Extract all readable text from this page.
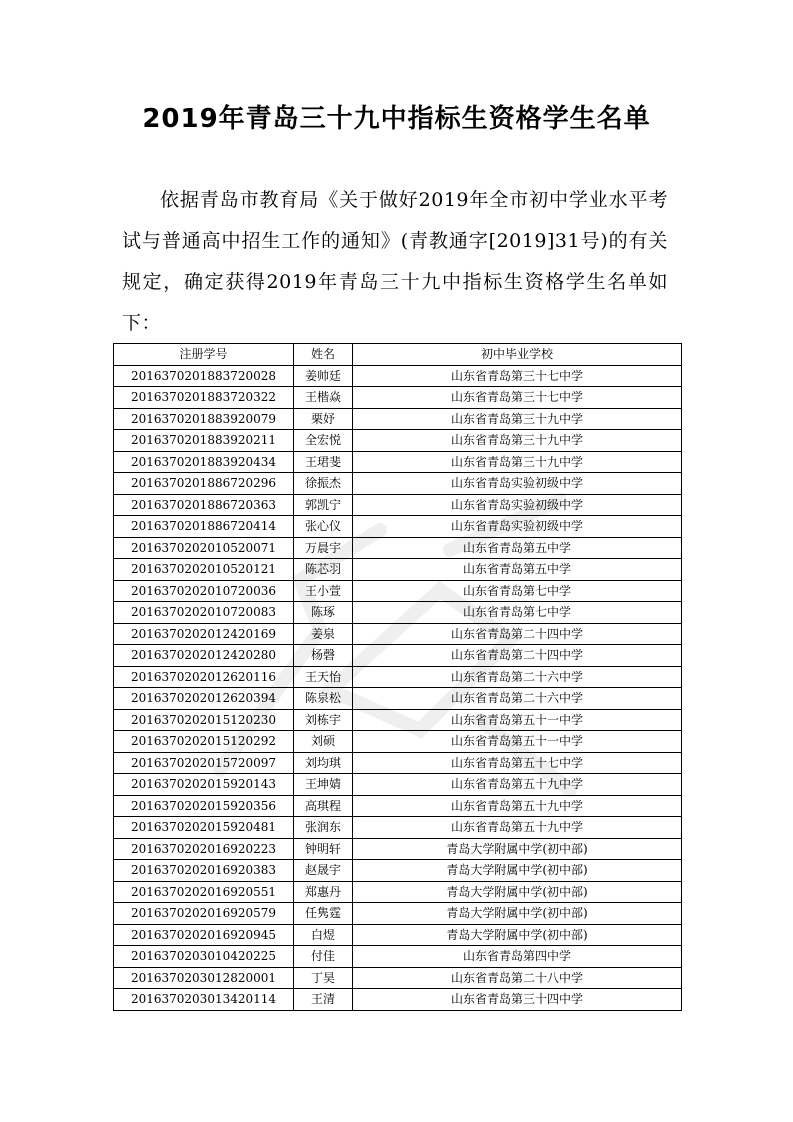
2019年青岛三十九中指标生资格学生名单

依据青岛市教育局《关于做好2019年全市初中学业水平考试与普通高中招生工作的通知》(青教通字[2019]31号)的有关规定，确定获得2019年青岛三十九中指标生资格学生名单如下：

注册学号	姓名	初中毕业学校
2016370201883720028	姜帅廷	山东省青岛第三十七中学
2016370201883720322	王楷焱	山东省青岛第三十七中学
2016370201883920079	栗妤	山东省青岛第三十九中学
2016370201883920211	全宏悦	山东省青岛第三十九中学
2016370201883920434	王珺斐	山东省青岛第三十九中学
2016370201886720296	徐振杰	山东省青岛实验初级中学
2016370201886720363	郭凯宁	山东省青岛实验初级中学
2016370201886720414	张心仪	山东省青岛实验初级中学
2016370202010520071	万晨宇	山东省青岛第五中学
2016370202010520121	陈芯羽	山东省青岛第五中学
2016370202010720036	王小萱	山东省青岛第七中学
2016370202010720083	陈琢	山东省青岛第七中学
2016370202012420169	姜泉	山东省青岛第二十四中学
2016370202012420280	杨磬	山东省青岛第二十四中学
2016370202012620116	王天怡	山东省青岛第二十六中学
2016370202012620394	陈泉松	山东省青岛第二十六中学
2016370202015120230	刘栋宇	山东省青岛第五十一中学
2016370202015120292	刘硕	山东省青岛第五十一中学
2016370202015720097	刘均琪	山东省青岛第五十七中学
2016370202015920143	王坤婧	山东省青岛第五十九中学
2016370202015920356	高琪程	山东省青岛第五十九中学
2016370202015920481	张润东	山东省青岛第五十九中学
2016370202016920223	钟明轩	青岛大学附属中学(初中部)
2016370202016920383	赵晟宇	青岛大学附属中学(初中部)
2016370202016920551	郑惠丹	青岛大学附属中学(初中部)
2016370202016920579	任隽霆	青岛大学附属中学(初中部)
2016370202016920945	白煜	青岛大学附属中学(初中部)
2016370203010420225	付佳	山东省青岛第四中学
2016370203012820001	丁昊	山东省青岛第二十八中学
2016370203013420114	王清	山东省青岛第三十四中学
